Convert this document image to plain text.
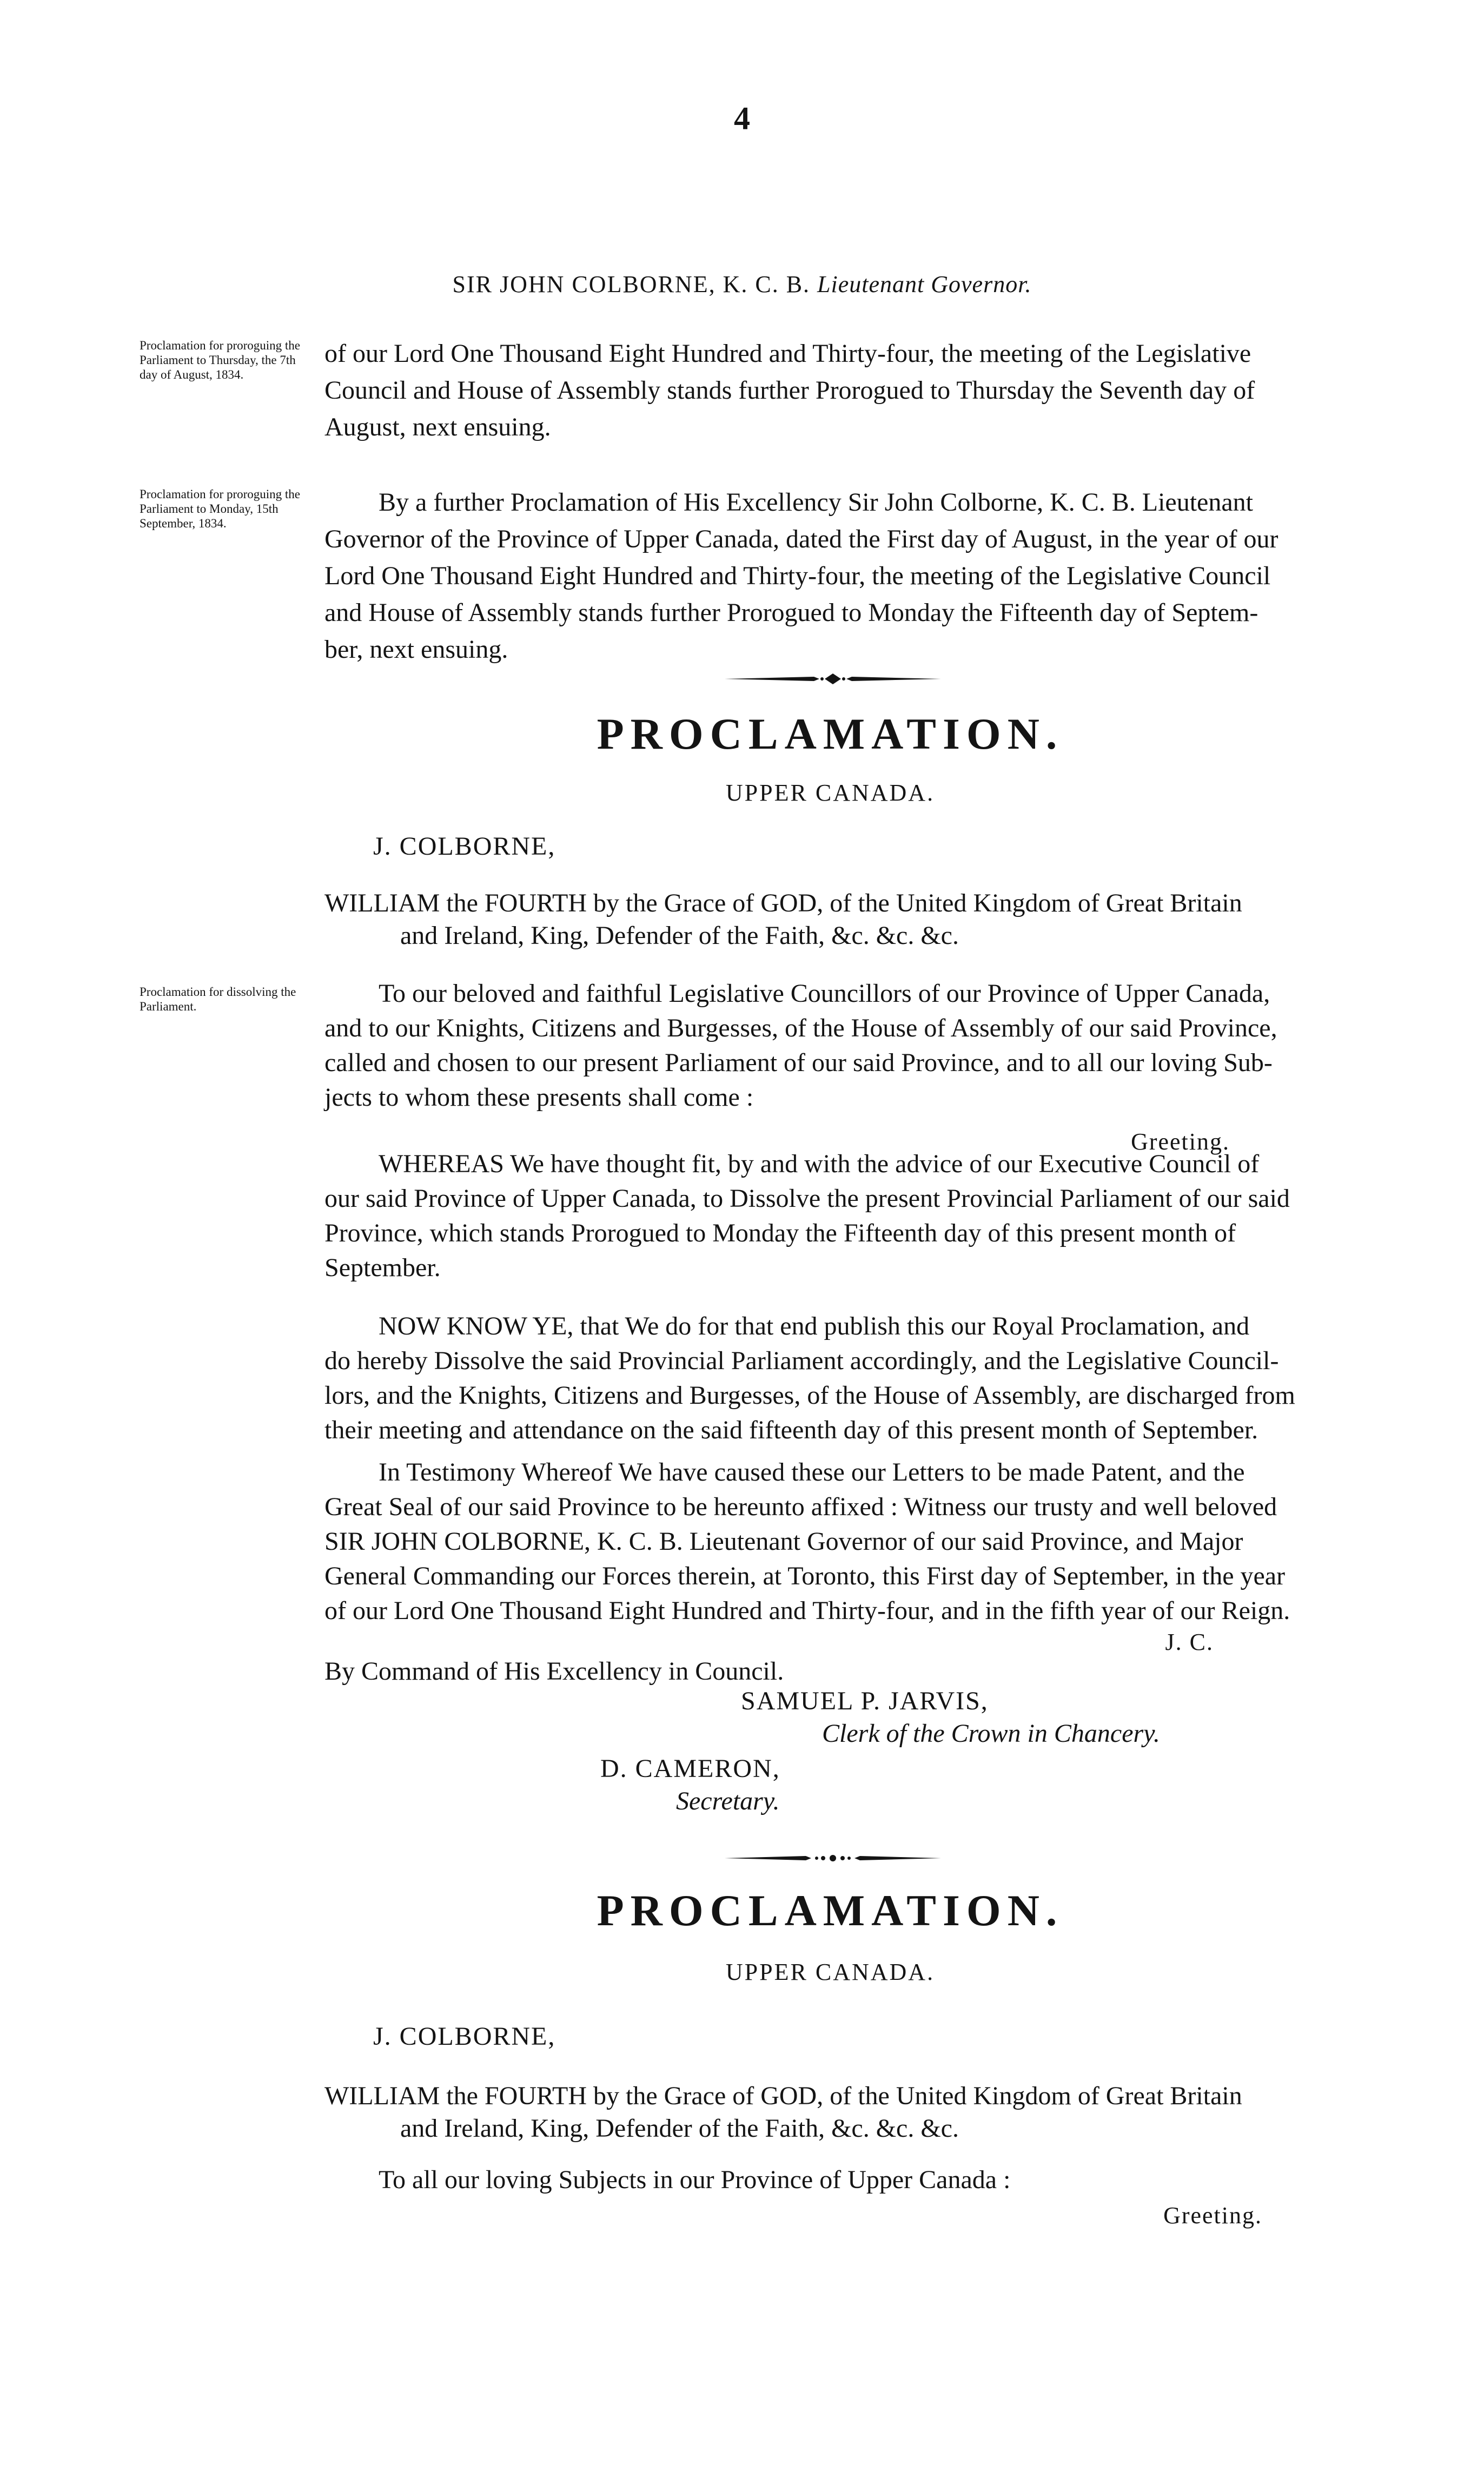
4
SIR JOHN COLBORNE, K. C. B. Lieutenant Governor.
Proclamation for proroguing the Parliament to Thursday, the 7th day of August, 1834.
of our Lord One Thousand Eight Hundred and Thirty-four, the meeting of the Legislative
Council and House of Assembly stands further Prorogued to Thursday the Seventh day of
August, next ensuing.
Proclamation for proroguing the Parliament to Monday, 15th September, 1834.
By a further Proclamation of His Excellency Sir John Colborne, K. C. B. Lieutenant
Governor of the Province of Upper Canada, dated the First day of August, in the year of our
Lord One Thousand Eight Hundred and Thirty-four, the meeting of the Legislative Council
and House of Assembly stands further Prorogued to Monday the Fifteenth day of Septem-
ber, next ensuing.
PROCLAMATION.
UPPER CANADA.
J. COLBORNE,
WILLIAM the FOURTH by the Grace of GOD, of the United Kingdom of Great Britain
and Ireland, King, Defender of the Faith, &c. &c. &c.
Proclamation for dissolving the Parliament.	To our beloved and faithful Legislative Councillors of our Province of Upper Canada,
and to our Knights, Citizens and Burgesses, of the House of Assembly of our said Province,
called and chosen to our present Parliament of our said Province, and to all our loving Sub-
jects to whom these presents shall come :
Greeting.
WHEREAS We have thought fit, by and with the advice of our Executive Council of
our said Province of Upper Canada, to Dissolve the present Provincial Parliament of our said
Province, which stands Prorogued to Monday the Fifteenth day of this present month of
September.
NOW KNOW YE, that We do for that end publish this our Royal Proclamation, and
do hereby Dissolve the said Provincial Parliament accordingly, and the Legislative Council-
lors, and the Knights, Citizens and Burgesses, of the House of Assembly, are discharged from
their meeting and attendance on the said fifteenth day of this present month of September.
In Testimony Whereof We have caused these our Letters to be made Patent, and the
Great Seal of our said Province to be hereunto affixed : Witness our trusty and well beloved
SIR JOHN COLBORNE, K. C. B. Lieutenant Governor of our said Province, and Major
General Commanding our Forces therein, at Toronto, this First day of September, in the year
of our Lord One Thousand Eight Hundred and Thirty-four, and in the fifth year of our Reign.
J. C.
By Command of His Excellency in Council.
SAMUEL P. JARVIS,
Clerk of the Crown in Chancery.
D. CAMERON,
Secretary.
PROCLAMATION.
UPPER CANADA.
J. COLBORNE,
WILLIAM the FOURTH by the Grace of GOD, of the United Kingdom of Great Britain
and Ireland, King, Defender of the Faith, &c. &c. &c.
To all our loving Subjects in our Province of Upper Canada :
Greeting.
